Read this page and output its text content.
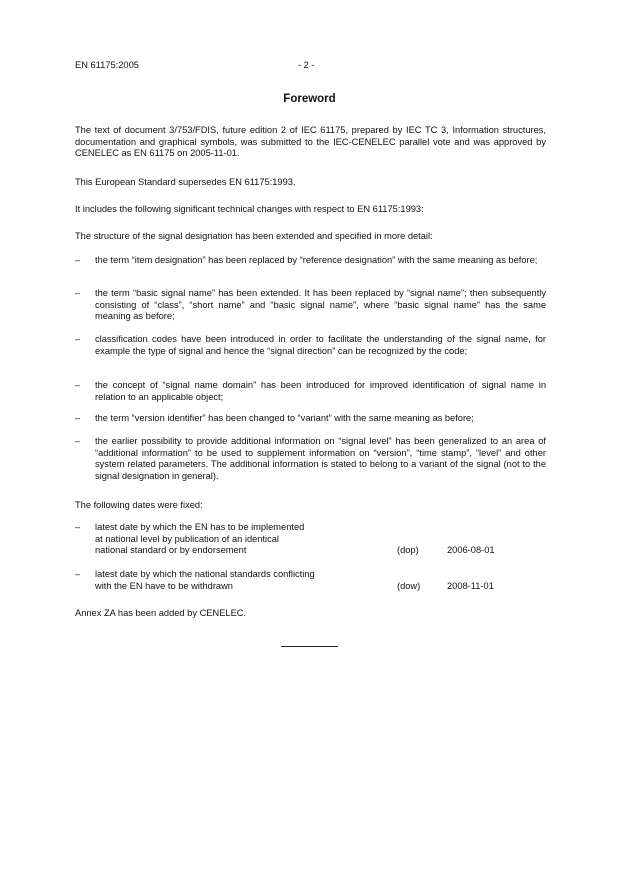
EN 61175:2005	- 2 -
Foreword
The text of document 3/753/FDIS, future edition 2 of IEC 61175, prepared by IEC TC 3, Information structures, documentation and graphical symbols, was submitted to the IEC-CENELEC parallel vote and was approved by CENELEC as EN 61175 on 2005-11-01.
This European Standard supersedes EN 61175:1993.
It includes the following significant technical changes with respect to EN 61175:1993:
The structure of the signal designation has been extended and specified in more detail:
– the term “item designation” has been replaced by “reference designation” with the same meaning as before;
– the term “basic signal name” has been extended. It has been replaced by “signal name”; then subsequently consisting of “class”, “short name” and “basic signal name”, where “basic signal name” has the same meaning as before;
– classification codes have been introduced in order to facilitate the understanding of the signal name, for example the type of signal and hence the “signal direction” can be recognized by the code;
– the concept of “signal name domain” has been introduced for improved identification of signal name in relation to an applicable object;
– the term “version identifier” has been changed to “variant” with the same meaning as before;
– the earlier possibility to provide additional information on “signal level” has been generalized to an area of “additional information” to be used to supplement information on “version”, “time stamp”, “level” and other system related parameters. The additional information is stated to belong to a variant of the signal (not to the signal designation in general).
The following dates were fixed:
– latest date by which the EN has to be implemented
at national level by publication of an identical
national standard or by endorsement	(dop)	2006-08-01
– latest date by which the national standards conflicting
with the EN have to be withdrawn	(dow)	2008-11-01
Annex ZA has been added by CENELEC.
